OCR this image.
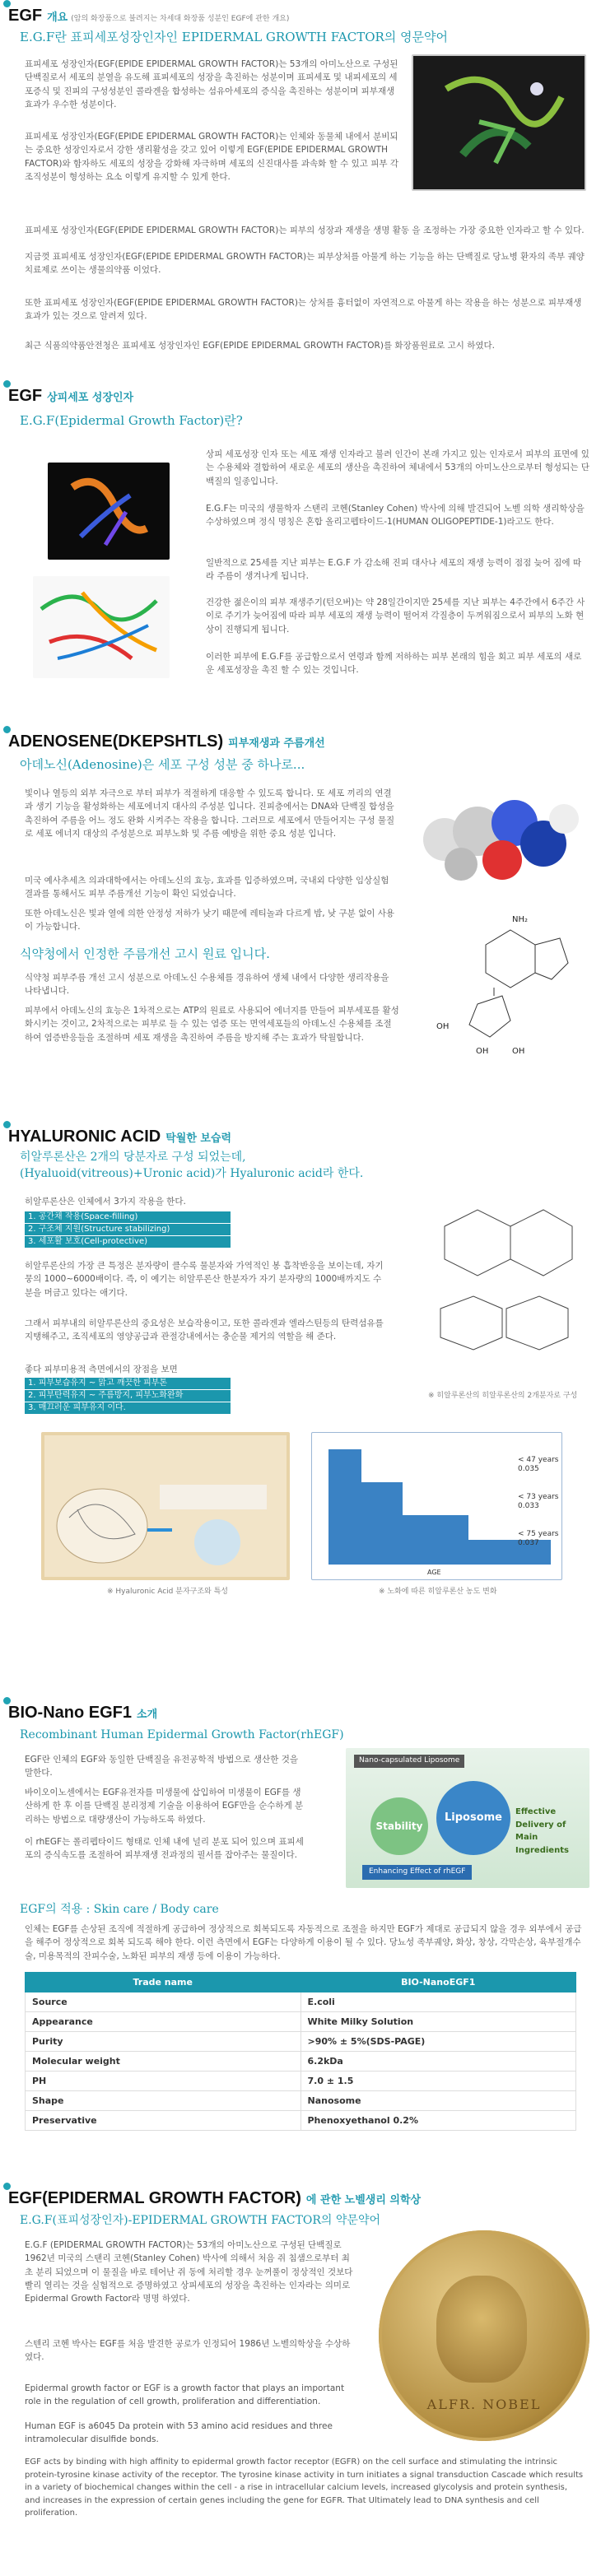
EGF 개요 (암의 화장품으로 불려지는 차세대 화장품 성분인 EGF에 관한 개요)
E.G.F란 표피세포성장인자인 EPIDERMAL GROWTH FACTOR의 영문약어
표피세포 성장인자(EGF(EPIDE EPIDERMAL GROWTH FACTOR)는 53개의 아미노산으로 구성된 단백질로서 세포의 분열을 유도해 표피세포의 성장을 촉진하는 성분이며 표피세포 및 내피세포의 세포증식 및 진피의 구성성분인 콜라겐을 합성하는 섬유아세포의 증식을 촉진하는 성분이며 피부재생효과가 우수한 성분이다.
표피세포 성장인자(EGF(EPIDE EPIDERMAL GROWTH FACTOR)는 인체와 동물체 내에서 분비되는 중요한 성장인자로서 강한 생리활성을 갖고 있어 이렇게 EGF(EPIDE EPIDERMAL GROWTH FACTOR)와 함자하도 세포의 성장을 강화해 자극하며 세포의 신진대사를 과속화 할 수 있고 피부 각 조직성분이 형성하는 요소 이렇게 유지할 수 있게 한다.
표피세포 성장인자(EGF(EPIDE EPIDERMAL GROWTH FACTOR)는 피부의 성장과 재생을 생명 활동 을 조정하는 가장 중요한 인자라고 할 수 있다.
지금껏 표피세포 성장인자(EGF(EPIDE EPIDERMAL GROWTH FACTOR)는 피부상처를 아물게 하는 기능을 하는 단백질로 당뇨병 환자의 족부 궤양 치료제로 쓰이는 생물의약품 이었다.
또한 표피세포 성장인자(EGF(EPIDE EPIDERMAL GROWTH FACTOR)는 상처를 흉터없이 자연적으로 아물게 하는 작용을 하는 성분으로 피부재생효과가 있는 것으로 알려져 있다.
최근 식품의약품안전청은 표피세포 성장인자인 EGF(EPIDE EPIDERMAL GROWTH FACTOR)를 화장품원료로 고시 하였다.
EGF 상피세포 성장인자
E.G.F(Epidermal Growth Factor)란?
상피 세포성장 인자 또는 세포 재생 인자라고 불려 인간이 본래 가지고 있는 인자로서 피부의 표면에 있는 수용체와 결합하여 새로운 세포의 생산을 촉진하여 체내에서 53개의 아미노산으로부터 형성되는 단백질의 일종입니다.
E.G.F는 미국의 생물학자 스탠리 코헨(Stanley Cohen) 박사에 의해 발견되어 노벨 의학 생리학상을 수상하였으며 정식 명칭은 혼합 올리고펩타이드-1(HUMAN OLIGOPEPTIDE-1)라고도 한다.
일반적으로 25세를 지난 피부는 E.G.F 가 감소해 진피 대사나 세포의 재생 능력이 점점 늦어 짐에 따라 주름이 생겨나게 됩니다.
건강한 젊은이의 피부 재생주기(턴오버)는 약 28일간이지만 25세를 지난 피부는 4주간에서 6주간 사이로 주기가 늦어짐에 따라 피부 세포의 재생 능력이 떨어져 각질층이 두꺼워짐으로서 피부의 노화 현상이 진행되게 됩니다.
이러한 피부에 E.G.F를 공급함으로서 연령과 함께 저하하는 피부 본래의 힘을 회고 피부 세포의 새로운 세포성장을 촉진 할 수 있는 것입니다.
ADENOSENE(DKEPSHTLS) 피부재생과 주름개선
아데노신(Adenosine)은 세포 구성 성분 중 하나로...
빛이나 열등의 외부 자극으로 부터 피부가 적절하게 대응할 수 있도록 합니다. 또 세포 끼리의 연결과 생기 기능을 활성화하는 세포에너지 대사의 주성분 입니다. 진피층에서는 DNA와 단백질 합성을 촉진하여 주름을 어느 정도 완화 시켜주는 작용을 합니다. 그러므로 세포에서 만들어지는 구성 물질로 세포 에너지 대상의 주성분으로 피부노화 및 주름 예방을 위한 중요 성분 입니다.
미국 예사추세츠 의과대학에서는 아데노신의 효능, 효과를 입증하였으며, 국내외 다양한 임상실험 결과를 통해서도 피부 주름개선 기능이 확인 되었습니다.
또한 아데노신은 빛과 열에 의한 안정성 저하가 낮기 때문에 레티놀과 다르게 밤, 낮 구분 없이 사용이 가능합니다.
식약청에서 인정한 주름개선 고시 원료 입니다.
식약청 피부주름 개선 고시 성분으로 아데노신 수용체를 경유하여 생체 내에서 다양한 생리작용을 나타냅니다.
피부에서 아데노신의 효능은 1차적으로는 ATP의 원료로 사용되어 에너지를 만들어 피부세포를 활성화시키는 것이고, 2차적으로는 피부로 들 수 있는 염증 또는 면역세포들의 아데노신 수용체를 조절하여 염증반응들을 조절하며 세포 재생을 촉진하여 주름을 방지해 주는 효과가 탁월합니다.
NH₂
OH
OH	OH
HYALURONIC ACID 탁월한 보습력
히알루론산은 2개의 당분자로 구성 되었는데,
(Hyaluoid(vitreous)+Uronic acid)가 Hyaluronic acid라 한다.
히알루론산은 인체에서 3가지 작용을 한다.
1. 공간채 작용(Space-filling)
2. 구조체 지원(Structure stabilizing)
3. 세포활 보호(Cell-protective)
히알루론산의 가장 큰 특정은 분자량이 클수록 물분자와 가역적인 봉 흡착반응을 보이는데, 자기 뭉의 1000~6000배이다. 즉, 이 예기는 히알루론산 한분자가 자기 분자량의 1000배까지도 수분을 머금고 있다는 애기다.
그래서 피부내의 히알루론산의 중요성은 보습작용이고, 또한 콜라겐과 엘라스틴등의 탄력섬유를 지탱해주고, 조직세포의 영양공급과 관절강내에서는 충순물 제거의 역할을 해 준다.
좋다 피부미용적 측면에서의 장점을 보면
1. 피부보습유지 ~ 맑고 깨끗한 피부톤
2. 피부탄력유지 ~ 주름방지, 피부노화완화
3. 매끄러운 피부유지 이다.
※ 히알루론산의 히알루론산의 2개분자로 구성
※ Hyaluronic Acid 분자구조와 특성
< 47 years
0.035
< 73 years
0.033
< 75 years
0.037
AGE
※ 노화에 따른 히알루론산 농도 변화
BIO-Nano EGF1 소개
Recombinant Human Epidermal Growth Factor(rhEGF)
EGF란 인체의 EGF와 동일한 단백질을 유전공학적 방법으로 생산한 것을 말한다.
바이오이노센에서는 EGF유전자를 미생물에 삽입하여 미생물이 EGF를 생산하게 한 후 이를 단백질 분리정제 기술을 이용하여 EGF만을 순수하게 분리하는 방법으로 대량생산이 가능하도록 하였다.
이 rhEGF는 폴리펩타이드 형태로 인체 내에 널리 분포 되어 있으며 표피세포의 증식속도를 조절하여 피부재생 전과정의 필서를 잡아주는 물질이다.
Nano-capsulated Liposome
Stability
Liposome	Effective Delivery of Main Ingredients
Enhancing Effect of rhEGF
EGF의 적용 : Skin care / Body care
인체는 EGF를 손상된 조직에 적절하게 공급하여 정상적으로 회복되도록 자동적으로 조절을 하지만 EGF가 제대로 공급되지 않을 경우 외부에서 공급을 해주어 정상적으로 회복 되도록 해야 한다. 이런 측면에서 EGF는 다양하게 이용이 될 수 있다. 당뇨성 족부궤양, 화상, 창상, 각막손상, 육부절개수술, 미용목적의 잔피수술, 노화된 피부의 재생 등에 이용이 가능하다.
Trade name	BIO-NanoEGF1
Source	E.coli
Appearance	White Milky Solution
Purity	>90% ± 5%(SDS-PAGE)
Molecular weight	6.2kDa
PH	7.0 ± 1.5
Shape	Nanosome
Preservative	Phenoxyethanol 0.2%
EGF(EPIDERMAL GROWTH FACTOR) 에 관한 노벨생리 의학상
E.G.F(표피성장인자)-EPIDERMAL GROWTH FACTOR의 약문약어
E.G.F (EPIDERMAL GROWTH FACTOR)는 53개의 아미노산으로 구성된 단백질로 1962년 미국의 스탠리 코헨(Stanley Cohen) 박사에 의해서 처음 쥐 침샘으로부터 최초 분리 되었으며 이 물질을 바로 테어난 쥐 동에 처리할 경우 눈꺼풀이 정상적인 것보다 빨리 열리는 것을 실험적으로 증명하였고 상피세포의 성장을 촉진하는 인자라는 의미로 Epidermal Growth Factor라 명명 하였다.
스텐리 코헨 박사는 EGF를 처음 발견한 공로가 인정되어 1986년 노벨의학상을 수상하였다.
Epidermal growth factor or EGF is a growth factor that plays an important role in the regulation of cell growth, proliferation and differentiation.
Human EGF is a6045 Da protein with 53 amino acid residues and three intramolecular disulfide bonds.
EGF acts by binding with high affinity to epidermal growth factor receptor (EGFR) on the cell surface and stimulating the intrinsic protein-tyrosine kinase activity of the receptor. The tyrosine kinase activity in turn initiates a signal transduction Cascade which results in a variety of biochemical changes within the cell - a rise in intracellular calcium levels, increased glycolysis and protein synthesis, and increases in the expression of certain genes including the gene for EGFR. That Ultimately lead to DNA synthesis and cell proliferation.
ALFR. NOBEL
